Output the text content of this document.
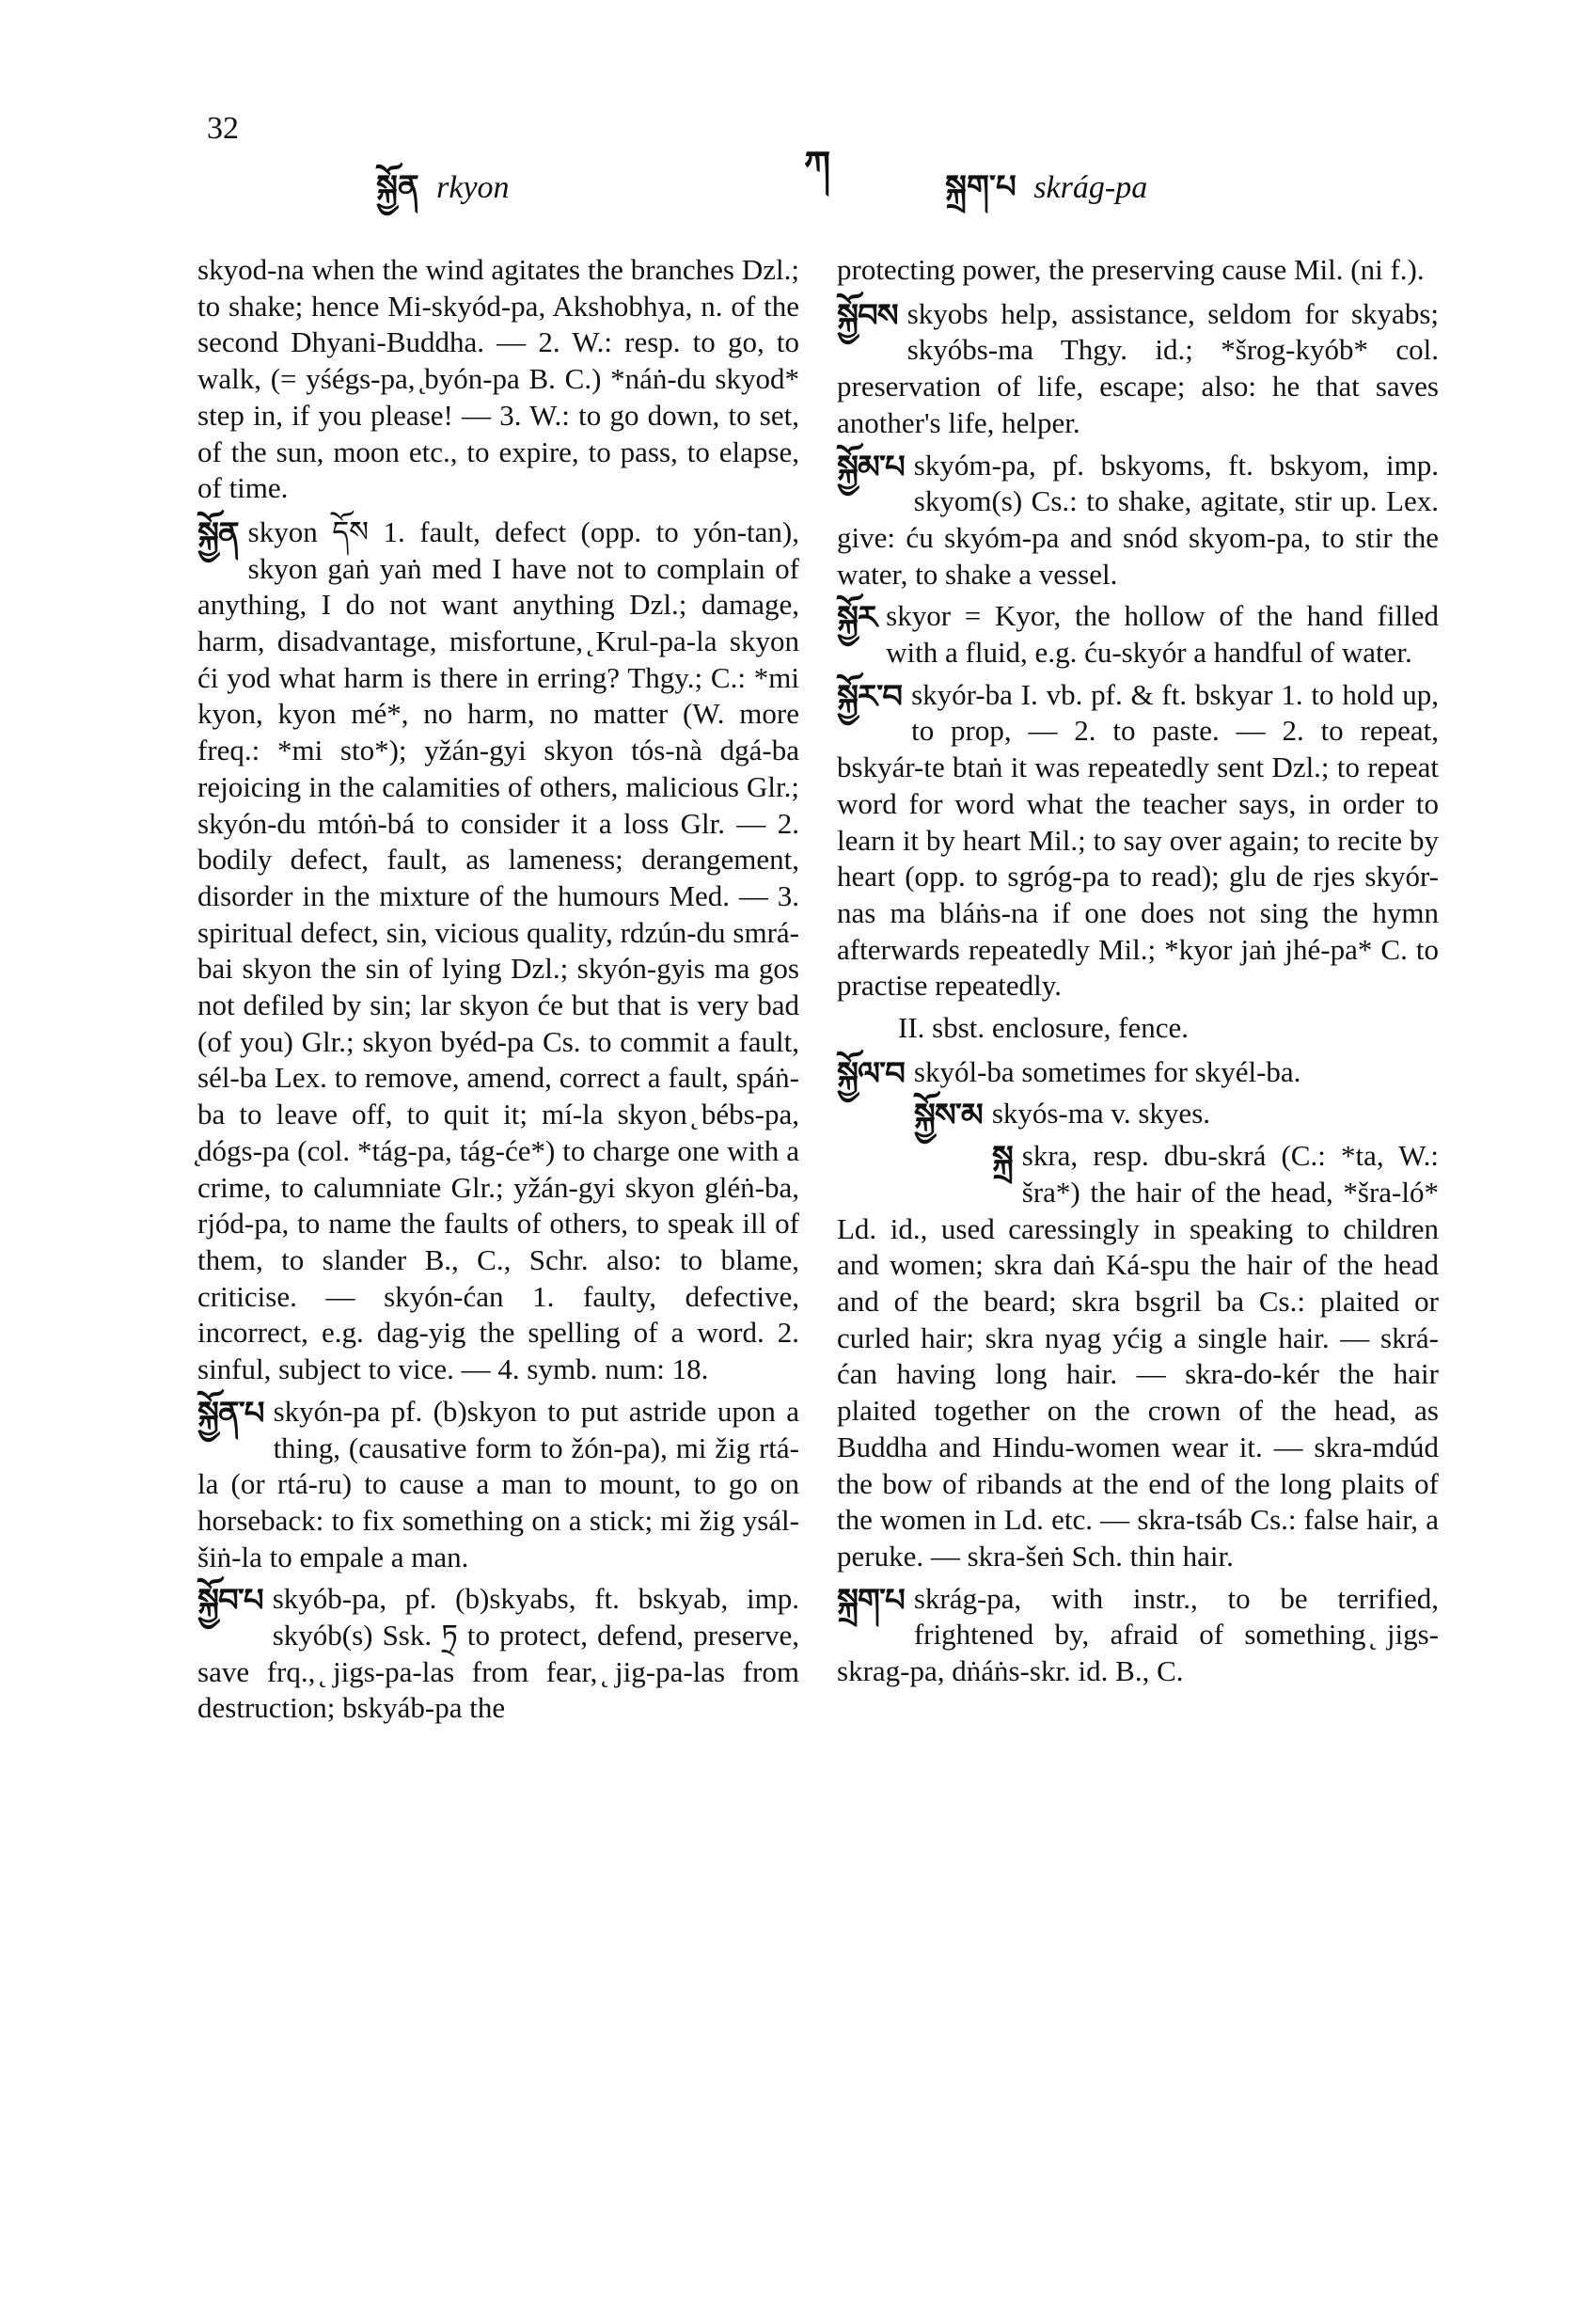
32
སྐྱོན rkyon
ཀ
སྐྲག་པ skrág-pa

skyod-na when the wind agitates the branches Dzl.; to shake; hence Mi-skyód-pa, Akshobhya, n. of the second Dhyani-Buddha. — 2. W.: resp. to go, to walk, (= yśégs-pa, ̨byón-pa B. C.) *náṅ-du skyod* step in, if you please! — 3. W.: to go down, to set, of the sun, moon etc., to expire, to pass, to elapse, of time.

སྐྱོན skyon དོས 1. fault, defect (opp. to yón-tan), skyon gaṅ yaṅ med I have not to complain of anything, I do not want anything Dzl.; damage, harm, disadvantage, misfortune, ̨Krul-pa-la skyon ći yod what harm is there in erring? Thgy.; C.: *mi kyon, kyon mé*, no harm, no matter (W. more freq.: *mi sto*); yžán-gyi skyon tós-nà dgá-ba rejoicing in the calamities of others, malicious Glr.; skyón-du mtóṅ-bá to consider it a loss Glr. — 2. bodily defect, fault, as lameness; derangement, disorder in the mixture of the humours Med. — 3. spiritual defect, sin, vicious quality, rdzún-du smrá-bai skyon the sin of lying Dzl.; skyón-gyis ma gos not defiled by sin; lar skyon će but that is very bad (of you) Glr.; skyon byéd-pa Cs. to commit a fault, sél-ba Lex. to remove, amend, correct a fault, spáṅ-ba to leave off, to quit it; mí-la skyon ̨bébs-pa, ̨dógs-pa (col. *tág-pa, tág-će*) to charge one with a crime, to calumniate Glr.; yžán-gyi skyon gléṅ-ba, rjód-pa, to name the faults of others, to speak ill of them, to slander B., C., Schr. also: to blame, criticise. — skyón-ćan 1. faulty, defective, incorrect, e.g. dag-yig the spelling of a word. 2. sinful, subject to vice. — 4. symb. num: 18.

སྐྱོན་པ skyón-pa pf. (b)skyon to put astride upon a thing, (causative form to žón-pa), mi žig rtá-la (or rtá-ru) to cause a man to mount, to go on horseback: to fix something on a stick; mi žig ysál-šiṅ-la to empale a man.

སྐྱོབ་པ skyób-pa, pf. (b)skyabs, ft. bskyab, imp. skyób(s) Ssk. ཏྲ to protect, defend, preserve, save frq., ̨jigs-pa-las from fear, ̨jig-pa-las from destruction; bskyáb-pa the

protecting power, the preserving cause Mil. (ni f.).

སྐྱོབས skyobs help, assistance, seldom for skyabs; skyóbs-ma Thgy. id.; *šrog-kyób* col. preservation of life, escape; also: he that saves another's life, helper.

སྐྱོམ་པ skyóm-pa, pf. bskyoms, ft. bskyom, imp. skyom(s) Cs.: to shake, agitate, stir up. Lex. give: ću skyóm-pa and snód skyom-pa, to stir the water, to shake a vessel.

སྐྱོར skyor = Kyor, the hollow of the hand filled with a fluid, e.g. ću-skyór a handful of water.

སྐྱོར་བ skyór-ba I. vb. pf. & ft. bskyar 1. to hold up, to prop, — 2. to paste. — 2. to repeat, bskyár-te btaṅ it was repeatedly sent Dzl.; to repeat word for word what the teacher says, in order to learn it by heart Mil.; to say over again; to recite by heart (opp. to sgróg-pa to read); glu de rjes skyór-nas ma bláṅs-na if one does not sing the hymn afterwards repeatedly Mil.; *kyor jaṅ jhé-pa* C. to practise repeatedly.

II. sbst. enclosure, fence.

སྐྱོལ་བ skyól-ba sometimes for skyél-ba.

སྐྱོས་མ skyós-ma v. skyes.

སྐྲ skra, resp. dbu-skrá (C.: *ta, W.: šra*) the hair of the head, *šra-ló* Ld. id., used caressingly in speaking to children and women; skra daṅ Ká-spu the hair of the head and of the beard; skra bsgril ba Cs.: plaited or curled hair; skra nyag yćig a single hair. — skrá-ćan having long hair. — skra-do-kér the hair plaited together on the crown of the head, as Buddha and Hindu-women wear it. — skra-mdúd the bow of ribands at the end of the long plaits of the women in Ld. etc. — skra-tsáb Cs.: false hair, a peruke. — skra-šeṅ Sch. thin hair.

སྐྲག་པ skrág-pa, with instr., to be terrified, frightened by, afraid of something ̨jigs-skrag-pa, dṅáṅs-skr. id. B., C.
